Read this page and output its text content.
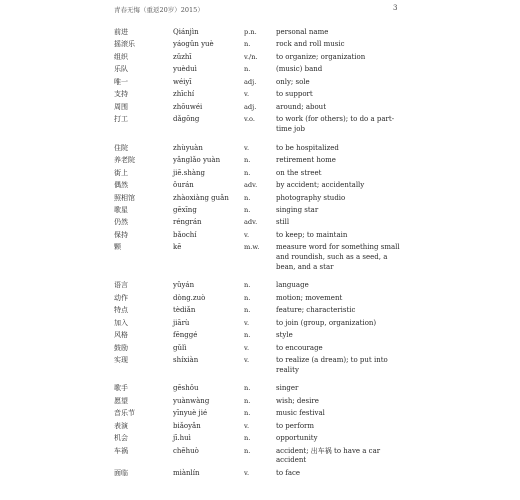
青春无悔（重返20岁）2015）	3
前进	Qiánjìn	p.n.	personal name
摇滚乐	yáogǔn yuè	n.	rock and roll music
组织	zǔzhī	v./n.	to organize; organization
乐队	yuèduì	n.	(music) band
唯一	wéiyī	adj.	only; sole
支持	zhīchí	v.	to support
周围	zhōuwéi	adj.	around; about
打工	dǎgōng	v.o.	to work (for others); to do a part-time job
住院	zhùyuàn	v.	to be hospitalized
养老院	yǎnglǎo yuàn	n.	retirement home
街上	jiē.shàng	n.	on the street
偶然	ǒurán	adv.	by accident; accidentally
照相馆	zhàoxiàng guǎn	n.	photography studio
歌星	gēxīng	n.	singing star
仍然	réngrán	adv.	still
保持	bǎochí	v.	to keep; to maintain
颗	kē	m.w.	measure word for something small and roundish, such as a seed, a bean, and a star
语言	yǔyán	n.	language
动作	dòng.zuò	n.	motion; movement
特点	tèdiǎn	n.	feature; characteristic
加入	jiārù	v.	to join (group, organization)
风格	fēnggé	n.	style
鼓励	gǔlì	v.	to encourage
实现	shíxiàn	v.	to realize (a dream); to put into reality
歌手	gēshǒu	n.	singer
愿望	yuànwàng	n.	wish; desire
音乐节	yīnyuè jié	n.	music festival
表演	biǎoyǎn	v.	to perform
机会	jī.huì	n.	opportunity
车祸	chēhuò	n.	accident; 出车祸 to have a car accident
面临	miànlín	v.	to face
